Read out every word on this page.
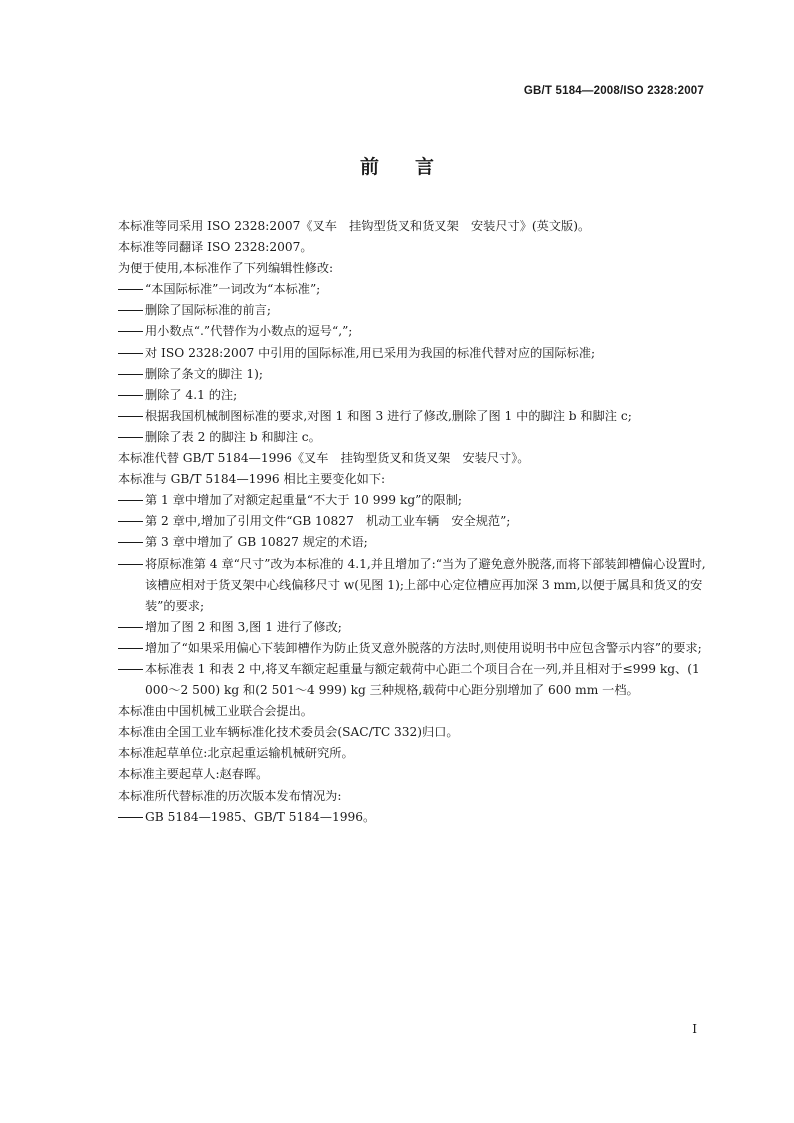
GB/T 5184—2008/ISO 2328:2007
前言

本标准等同采用 ISO 2328:2007《叉车　挂钩型货叉和货叉架　安装尺寸》(英文版)。

本标准等同翻译 ISO 2328:2007。

为便于使用,本标准作了下列编辑性修改:

“本国际标准”一词改为“本标准”;
删除了国际标准的前言;
用小数点“.”代替作为小数点的逗号“,”;
对 ISO 2328:2007 中引用的国际标准,用已采用为我国的标准代替对应的国际标准;
删除了条文的脚注 1);
删除了 4.1 的注;
根据我国机械制图标准的要求,对图 1 和图 3 进行了修改,删除了图 1 中的脚注 b 和脚注 c;
删除了表 2 的脚注 b 和脚注 c。

本标准代替 GB/T 5184—1996《叉车　挂钩型货叉和货叉架　安装尺寸》。

本标准与 GB/T 5184—1996 相比主要变化如下:

第 1 章中增加了对额定起重量“不大于 10 999 kg”的限制;
第 2 章中,增加了引用文件“GB 10827　机动工业车辆　安全规范”;
第 3 章中增加了 GB 10827 规定的术语;
将原标准第 4 章“尺寸”改为本标准的 4.1,并且增加了:“当为了避免意外脱落,而将下部装卸槽偏心设置时,该槽应相对于货叉架中心线偏移尺寸 w(见图 1);上部中心定位槽应再加深 3 mm,以便于属具和货叉的安装”的要求;
增加了图 2 和图 3,图 1 进行了修改;
增加了“如果采用偏心下装卸槽作为防止货叉意外脱落的方法时,则使用说明书中应包含警示内容”的要求;
本标准表 1 和表 2 中,将叉车额定起重量与额定载荷中心距二个项目合在一列,并且相对于≤999 kg、(1 000～2 500) kg 和(2 501～4 999) kg 三种规格,载荷中心距分别增加了 600 mm 一档。

本标准由中国机械工业联合会提出。

本标准由全国工业车辆标准化技术委员会(SAC/TC 332)归口。

本标准起草单位:北京起重运输机械研究所。

本标准主要起草人:赵春晖。

本标准所代替标准的历次版本发布情况为:

GB 5184—1985、GB/T 5184—1996。
I
